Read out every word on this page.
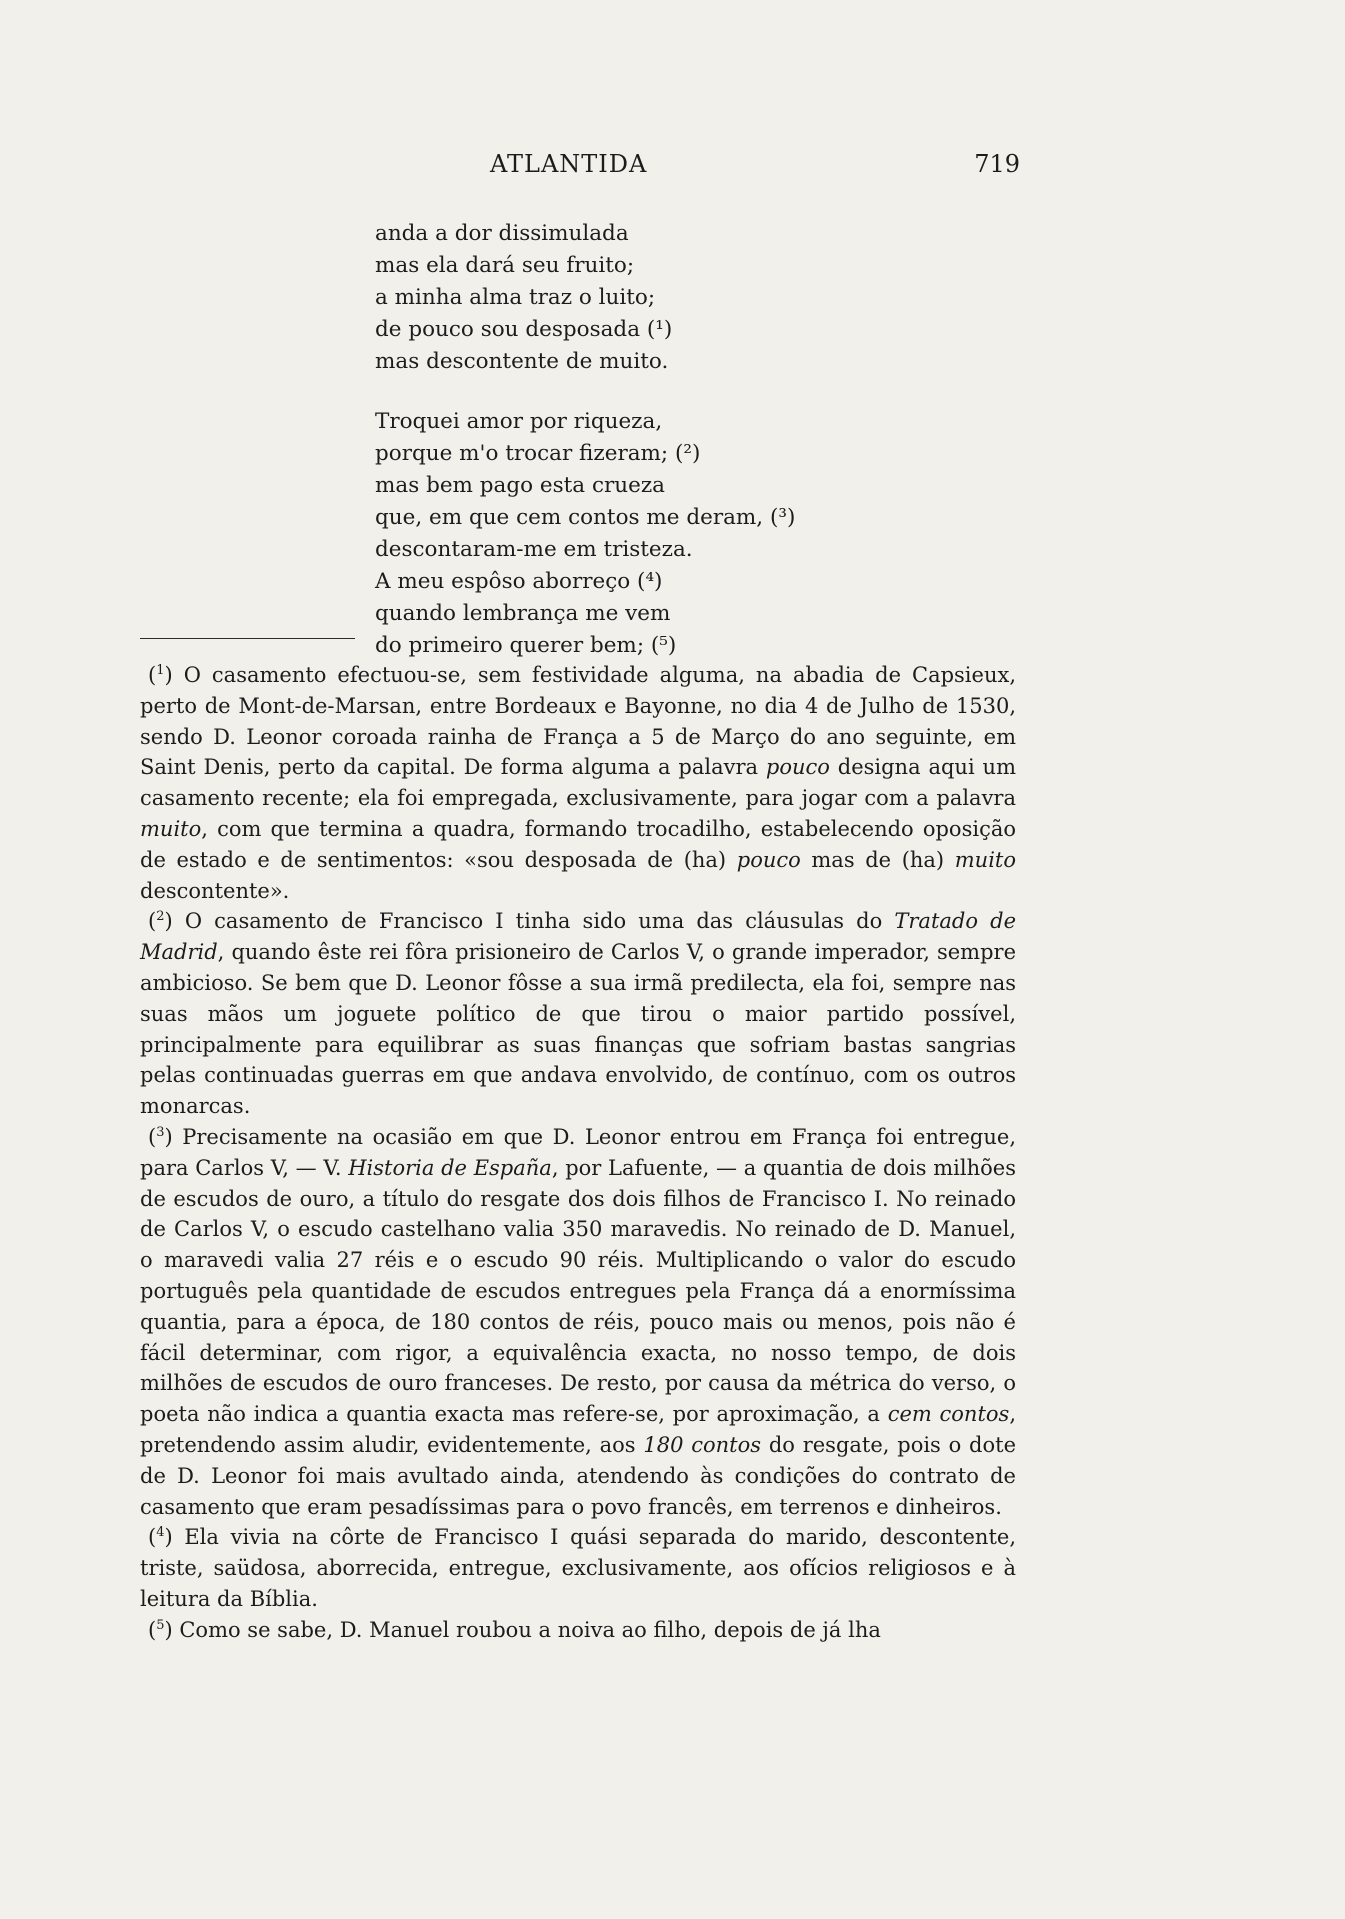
ATLANTIDA	719
anda a dor dissimulada
mas ela dará seu fruito;
a minha alma traz o luito;
de pouco sou desposada (¹)
mas descontente de muito.
Troquei amor por riqueza,
porque m'o trocar fizeram; (²)
mas bem pago esta crueza
que, em que cem contos me deram, (³)
descontaram-me em tristeza.
A meu espôso aborreço (⁴)
quando lembrança me vem
do primeiro querer bem; (⁵)

($^1$) O casamento efectuou-se, sem festividade alguma, na abadia de Capsieux, perto de Mont-de-Marsan, entre Bordeaux e Bayonne, no dia 4 de Julho de 1530, sendo D. Leonor coroada rainha de França a 5 de Março do ano seguinte, em Saint Denis, perto da capital. De forma alguma a palavra pouco designa aqui um casamento recente; ela foi empregada, exclusivamente, para jogar com a palavra muito, com que termina a quadra, formando trocadilho, estabelecendo oposição de estado e de sentimentos: «sou desposada de (ha) pouco mas de (ha) muito descontente».

($^2$) O casamento de Francisco I tinha sido uma das cláusulas do Tratado de Madrid, quando êste rei fôra prisioneiro de Carlos V, o grande imperador, sempre ambicioso. Se bem que D. Leonor fôsse a sua irmã predilecta, ela foi, sempre nas suas mãos um joguete político de que tirou o maior partido possível, principalmente para equilibrar as suas finanças que sofriam bastas sangrias pelas continuadas guerras em que andava envolvido, de contínuo, com os outros monarcas.

($^3$) Precisamente na ocasião em que D. Leonor entrou em França foi entregue, para Carlos V, — V. Historia de España, por Lafuente, — a quantia de dois milhões de escudos de ouro, a título do resgate dos dois filhos de Francisco I. No reinado de Carlos V, o escudo castelhano valia 350 maravedis. No reinado de D. Manuel, o maravedi valia 27 réis e o escudo 90 réis. Multiplicando o valor do escudo português pela quantidade de escudos entregues pela França dá a enormíssima quantia, para a época, de 180 contos de réis, pouco mais ou menos, pois não é fácil determinar, com rigor, a equivalência exacta, no nosso tempo, de dois milhões de escudos de ouro franceses. De resto, por causa da métrica do verso, o poeta não indica a quantia exacta mas refere-se, por aproximação, a cem contos, pretendendo assim aludir, evidentemente, aos 180 contos do resgate, pois o dote de D. Leonor foi mais avultado ainda, atendendo às condições do contrato de casamento que eram pesadíssimas para o povo francês, em terrenos e dinheiros.

($^4$) Ela vivia na côrte de Francisco I quási separada do marido, descontente, triste, saüdosa, aborrecida, entregue, exclusivamente, aos ofícios religiosos e à leitura da Bíblia.

($^5$) Como se sabe, D. Manuel roubou a noiva ao filho, depois de já lha
